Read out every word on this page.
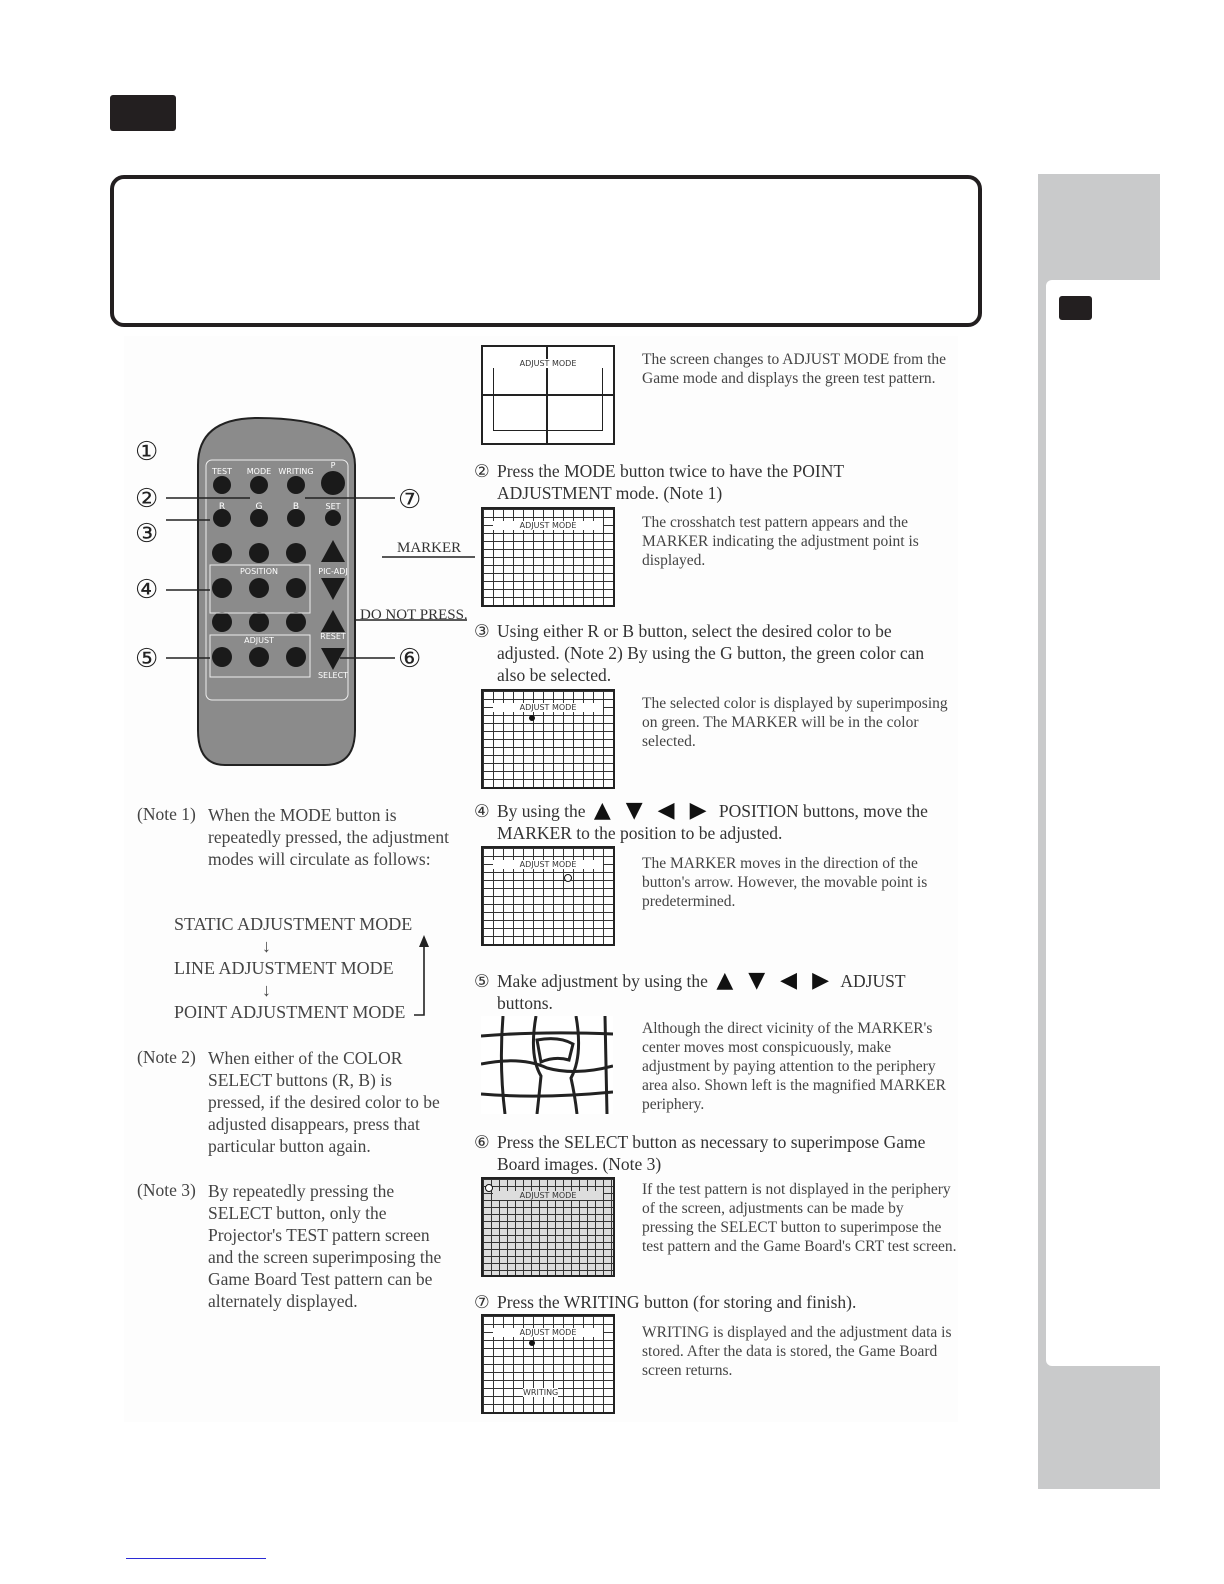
TEST MODE WRITING
P
R	G	B	SET
POSITION	PIC-ADJ
ADJUST	RESET
SELECT
①
②
③
④
⑤	⑥
⑦
MARKER
DO NOT PRESS.
(Note 1) When the MODE button is repeatedly pressed, the adjustment modes will circulate as follows:
STATIC ADJUSTMENT MODE
↓
LINE ADJUSTMENT MODE
↓
POINT ADJUSTMENT MODE
(Note 2) When either of the COLOR SELECT buttons (R, B) is pressed, if the desired color to be adjusted disappears, press that particular button again.
(Note 3) By repeatedly pressing the SELECT button, only the Projector's TEST pattern screen and the screen superimposing the Game Board Test pattern can be alternately displayed.
ADJUST MODE	The screen changes to ADJUST MODE from the Game mode and displays the green test pattern.
② Press the MODE button twice to have the POINT ADJUSTMENT mode. (Note 1)
ADJUST MODE	The crosshatch test pattern appears and the MARKER indicating the adjustment point is displayed.
③ Using either R or B button, select the desired color to be adjusted. (Note 2) By using the G button, the green color can also be selected.
ADJUST MODE	The selected color is displayed by superimposing on green. The MARKER will be in the color selected.
④ By using the ▲ ▼ ◀ ▶ POSITION buttons, move the MARKER to the position to be adjusted.
ADJUST MODE	The MARKER moves in the direction of the button's arrow. However, the movable point is predetermined.
⑤ Make adjustment by using the ▲ ▼ ◀ ▶ ADJUST buttons.
Although the direct vicinity of the MARKER's center moves most conspicuously, make adjustment by paying attention to the periphery area also. Shown left is the magnified MARKER periphery.
⑥ Press the SELECT button as necessary to superimpose Game Board images. (Note 3)
ADJUST MODE	If the test pattern is not displayed in the periphery of the screen, adjustments can be made by pressing the SELECT button to superimpose the test pattern and the Game Board's CRT test screen.
⑦ Press the WRITING button (for storing and finish).
ADJUST MODE
WRITING
WRITING is displayed and the adjustment data is stored. After the data is stored, the Game Board screen returns.
